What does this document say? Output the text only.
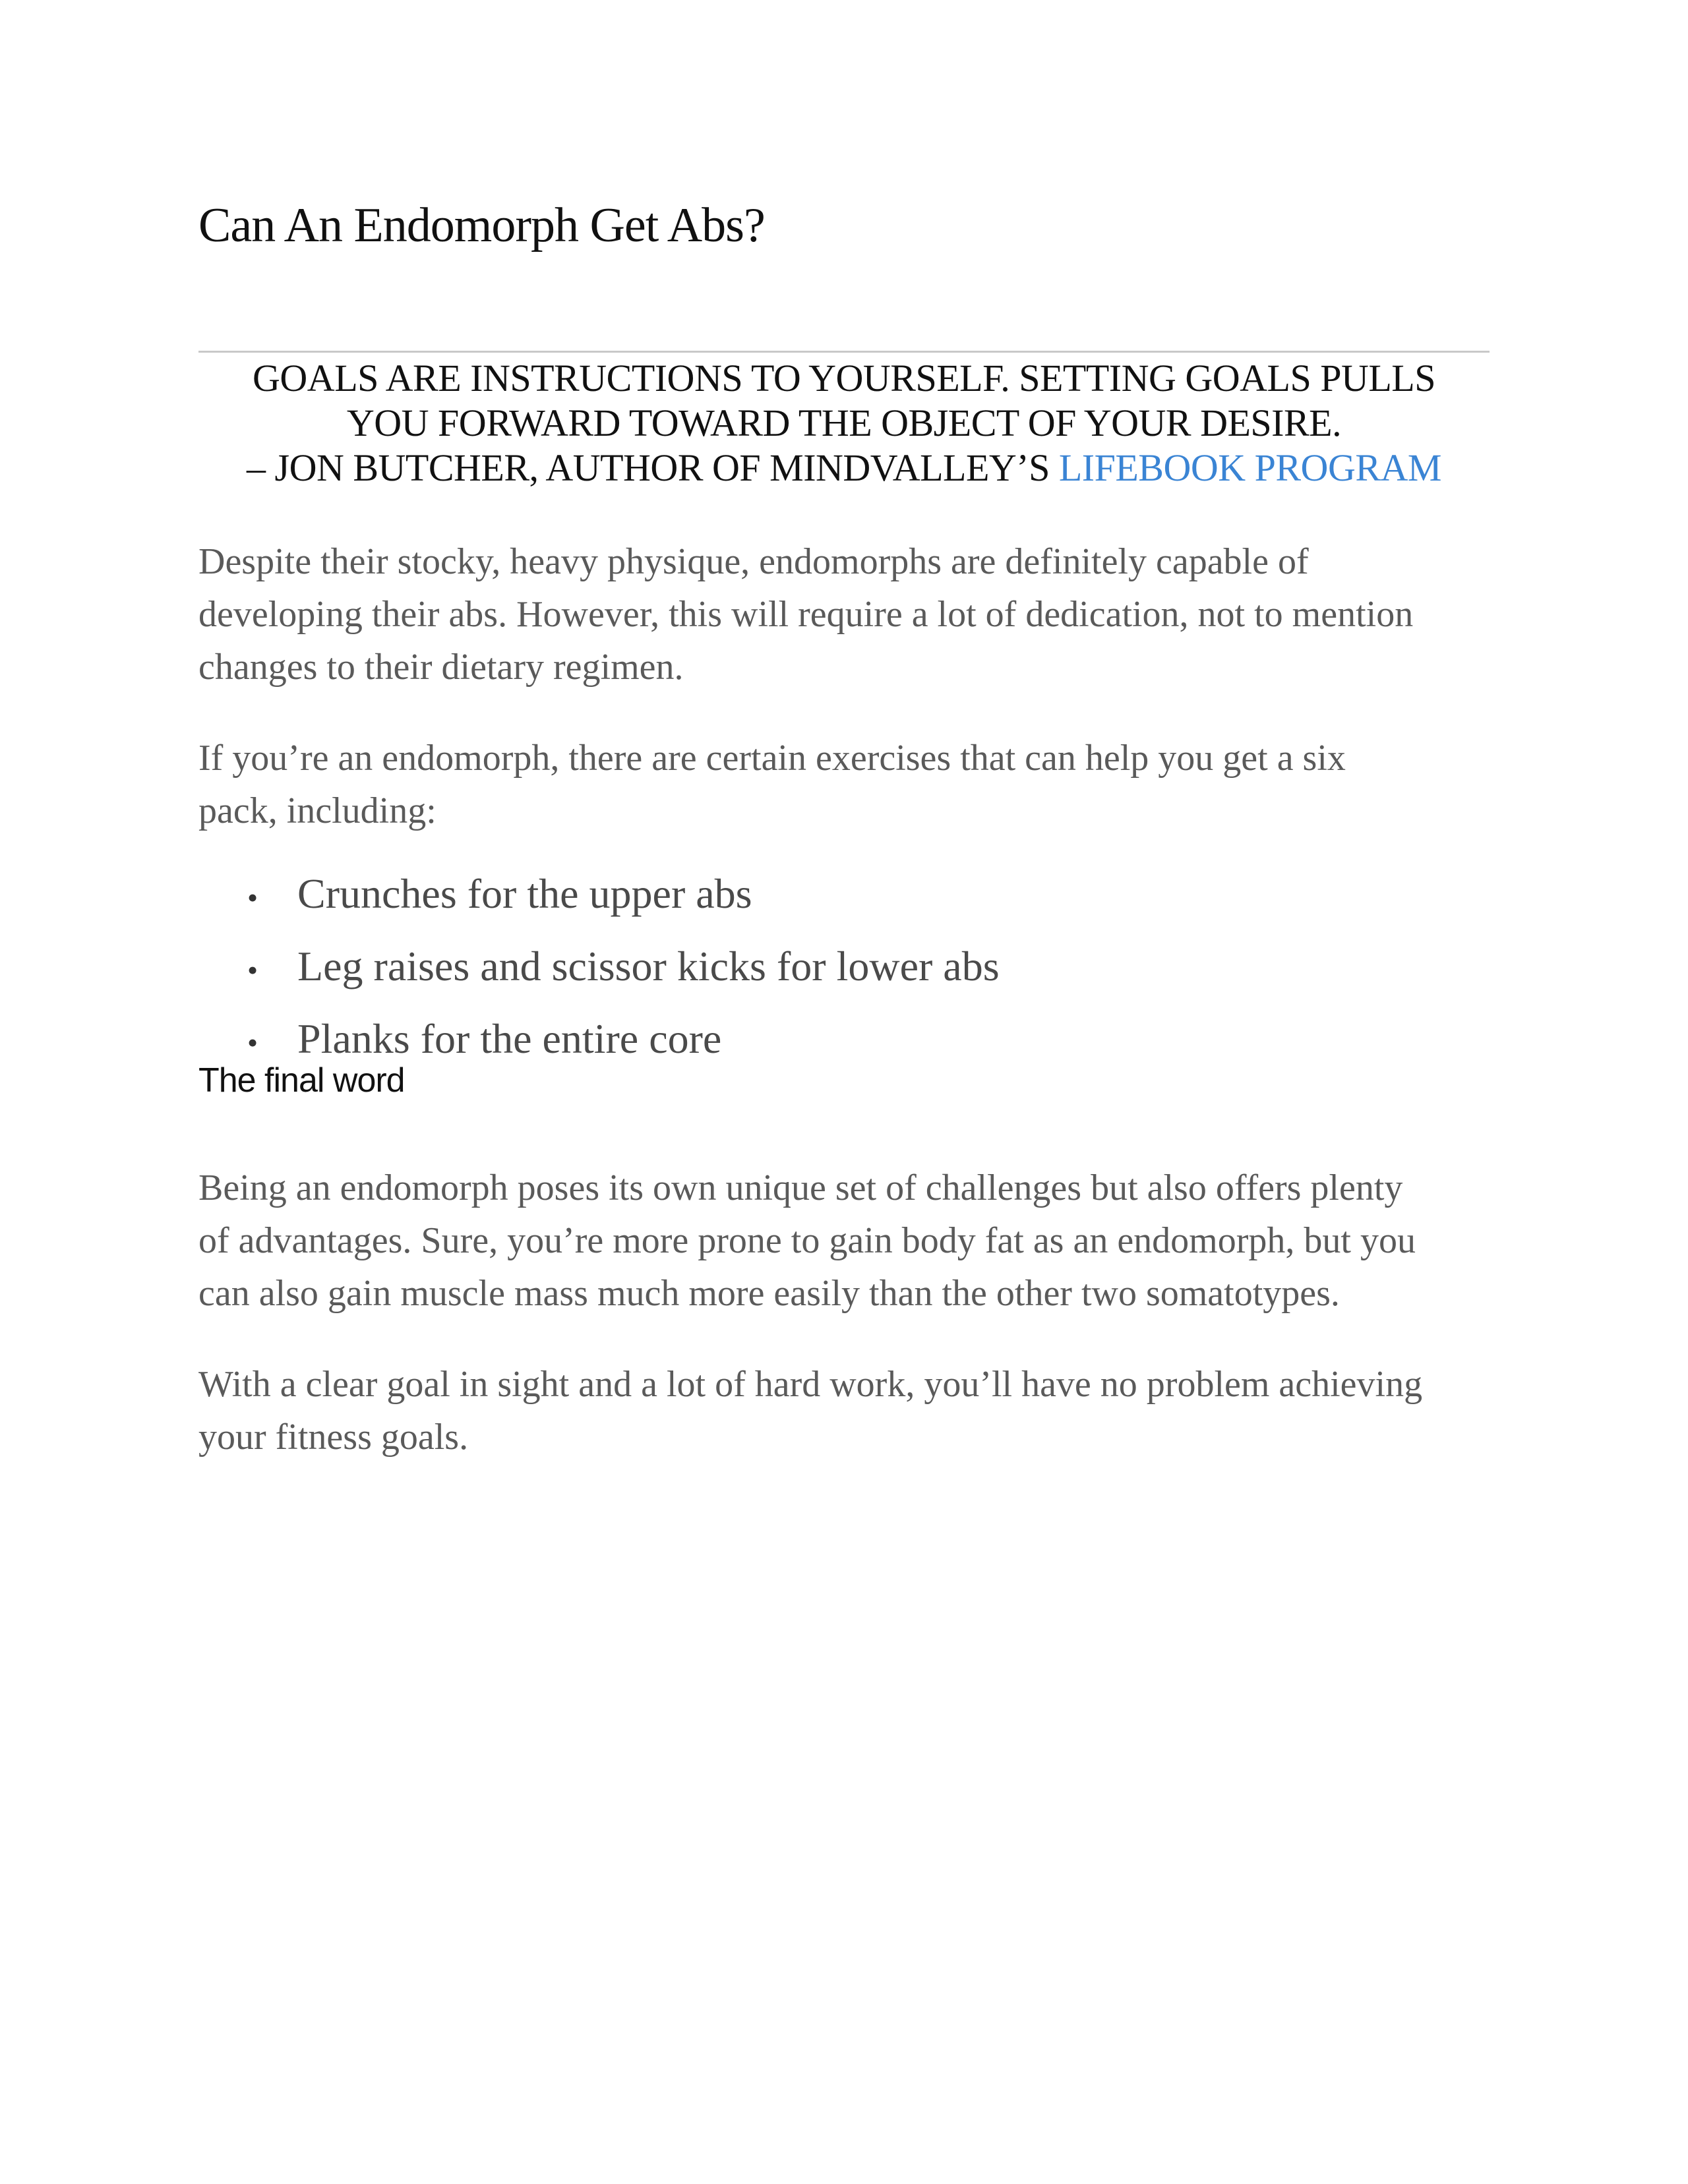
Can An Endomorph Get Abs?
GOALS ARE INSTRUCTIONS TO YOURSELF. SETTING GOALS PULLS
YOU FORWARD TOWARD THE OBJECT OF YOUR DESIRE.
– JON BUTCHER, AUTHOR OF MINDVALLEY’S LIFEBOOK PROGRAM
Despite their stocky, heavy physique, endomorphs are definitely capable of
developing their abs. However, this will require a lot of dedication, not to mention
changes to their dietary regimen.
If you’re an endomorph, there are certain exercises that can help you get a six
pack, including:
• Crunches for the upper abs
• Leg raises and scissor kicks for lower abs
• Planks for the entire core
The final word
Being an endomorph poses its own unique set of challenges but also offers plenty
of advantages. Sure, you’re more prone to gain body fat as an endomorph, but you
can also gain muscle mass much more easily than the other two somatotypes.
With a clear goal in sight and a lot of hard work, you’ll have no problem achieving
your fitness goals.
